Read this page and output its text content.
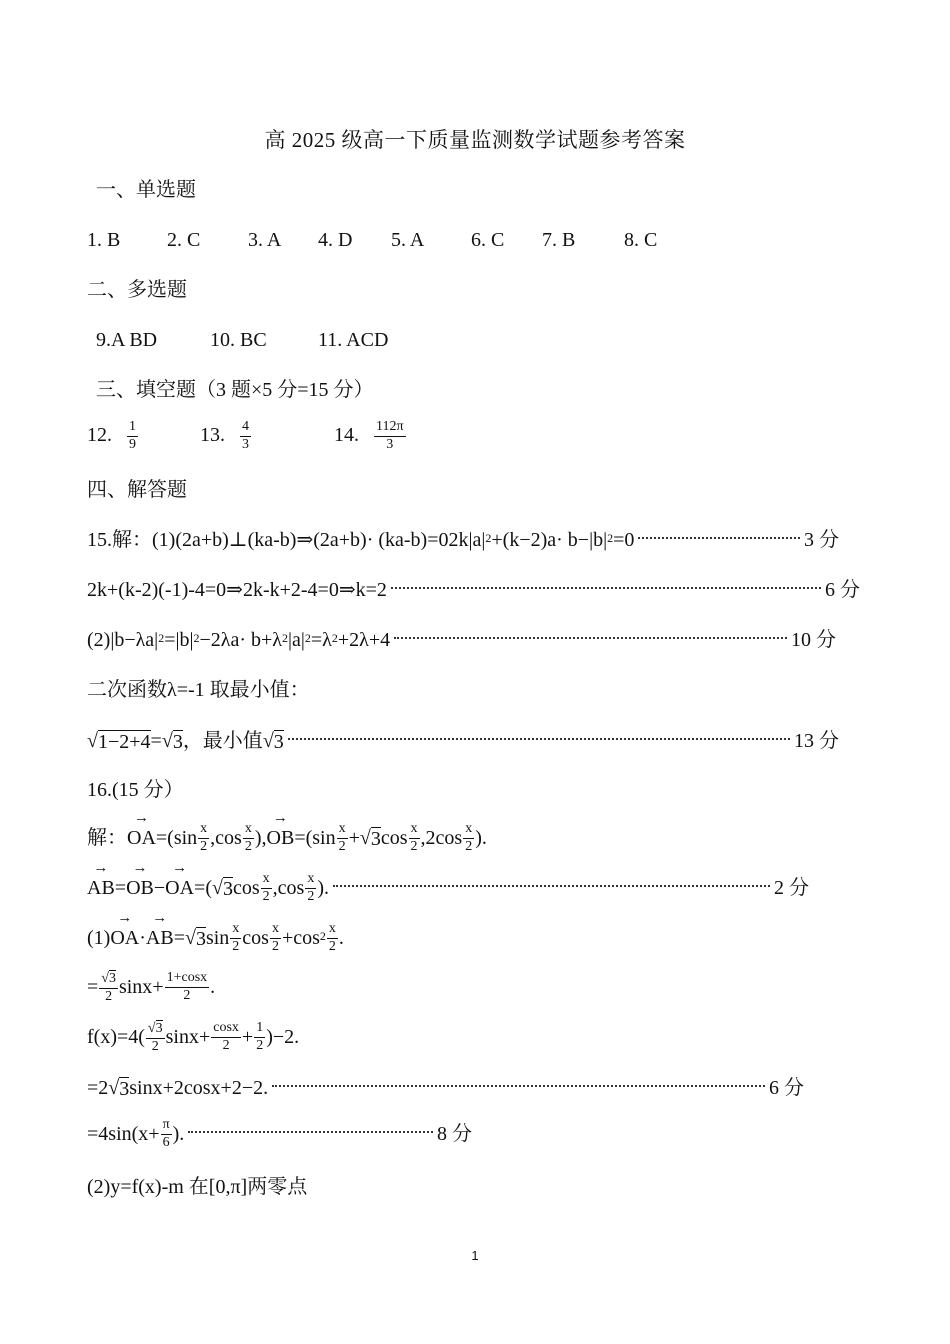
高 2025 级高一下质量监测数学试题参考答案
一、单选题
1. B 2. C 3. A 4. D 5. A 6. C 7. B 8. C
二、多选题
9.A BD	10. BC	11. ACD
三、填空题（3 题×5 分=15 分）
12. $\frac{1}{9}$	13. $\frac{4}{3}$	14. $\frac{112\pi}{3}$
四、解答题
15.解：(1)(2a+b)⊥(ka-b)⇒(2a+b)· $(ka-b)=02k|a|^2 +(k-2)a\cdot b-|b|^2 =0$	3 分
2k+(k-2)(-1)-4=0⇒2k-k+2-4=0⇒k=2	6 分
$(2)|b-\lambda a|^2 =|b|^2 -2\lambda a\cdot b+\lambda^2$ $|a|^2 =\lambda^2 +2\lambda+4$	10 分
二次函数λ=-1 取最小值：
√ 1−2+4 = √ 3 ，最小值 √ 3	13 分
16.(15 分）
解： → OA $=(\sin \frac{x}{2} ,\cos \frac{x}{2}$ ), → OB $=(\sin \frac{x}{2}$ + √ 3 $\cos \frac{x}{2} ,2\cos \frac{x}{2}$ ).
→ AB = → OB − → OA =( √ 3 $\cos \frac{x}{2} ,\cos \frac{x}{2}$ ).	2 分
(1) → OA · → AB = √ 3 $\sin \frac{x}{2}$ $\cos \frac{x}{2} +\cos^2 \frac{x}{2}$ .
= $\frac{√3}{2} \sin x+ \frac{1+\cos x}{2}$ .
$f(x)=4( \frac{√3}{2} \sin x+ \frac{\cos x}{2} + \frac{1}{2} )-2$.
=2 √ 3 sinx+2cosx+2−2.	6 分
$=4\sin(x+ \frac{\pi}{6}$ ).	8 分
(2)y=f(x)-m 在[0,π]两零点
1
